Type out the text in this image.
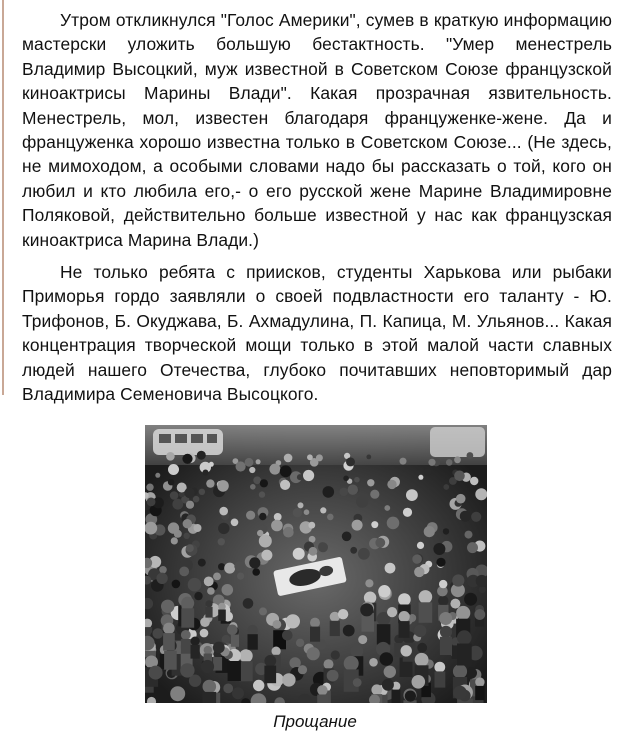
Утром откликнулся "Голос Америки", сумев в краткую информацию мастерски уложить большую бестактность. "Умер менестрель Владимир Высоцкий, муж известной в Советском Союзе французской киноактрисы Марины Влади". Какая прозрачная язвительность. Менестрель, мол, известен благодаря француженке-жене. Да и француженка хорошо известна только в Советском Союзе... (Не здесь, не мимоходом, а особыми словами надо бы рассказать о той, кого он любил и кто любила его,- о его русской жене Марине Владимировне Поляковой, действительно больше известной у нас как французская киноактриса Марина Влади.)

Не только ребята с приисков, студенты Харькова или рыбаки Приморья гордо заявляли о своей подвластности его таланту - Ю. Трифонов, Б. Окуджава, Б. Ахмадулина, П. Капица, М. Ульянов... Какая концентрация творческой мощи только в этой малой части славных людей нашего Отечества, глубоко почитавших неповторимый дар Владимира Семеновича Высоцкого.

Прощание
